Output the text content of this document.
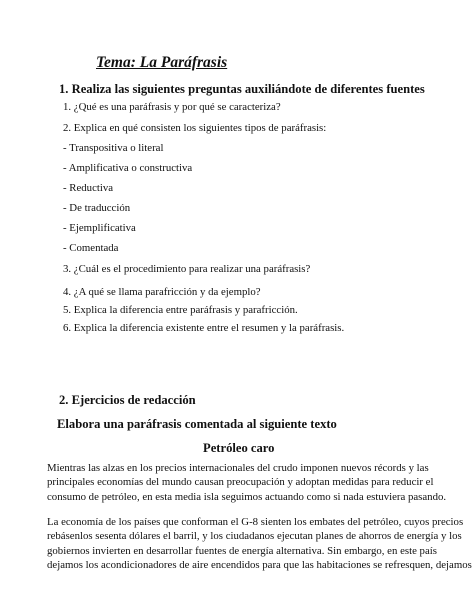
Tema: La Paráfrasis
1. Realiza las siguientes preguntas auxiliándote de diferentes fuentes
1. ¿Qué es una paráfrasis y por qué se caracteriza?
2. Explica en qué consisten los siguientes tipos de paráfrasis:
- Transpositiva o literal
- Amplificativa o constructiva
- Reductiva
- De traducción
- Ejemplificativa
- Comentada
3. ¿Cuál es el procedimiento para realizar una paráfrasis?
4. ¿A qué se llama parafricción y da ejemplo?
5. Explica la diferencia entre paráfrasis y parafricción.
6. Explica la diferencia existente entre el resumen y la paráfrasis.
2. Ejercicios de redacción
Elabora una paráfrasis comentada al siguiente texto
Petróleo caro
Mientras las alzas en los precios internacionales del crudo imponen nuevos récords y las
principales economías del mundo causan preocupación y adoptan medidas para reducir el
consumo de petróleo, en esta media isla seguimos actuando como si nada estuviera pasando.
La economía de los países que conforman el G-8 sienten los embates del petróleo, cuyos precios
rebásenlos sesenta dólares el barril, y los ciudadanos ejecutan planes de ahorros de energía y los
gobiernos invierten en desarrollar fuentes de energía alternativa. Sin embargo, en este país
dejamos los acondicionadores de aire encendidos para que las habitaciones se refresquen, dejamos
